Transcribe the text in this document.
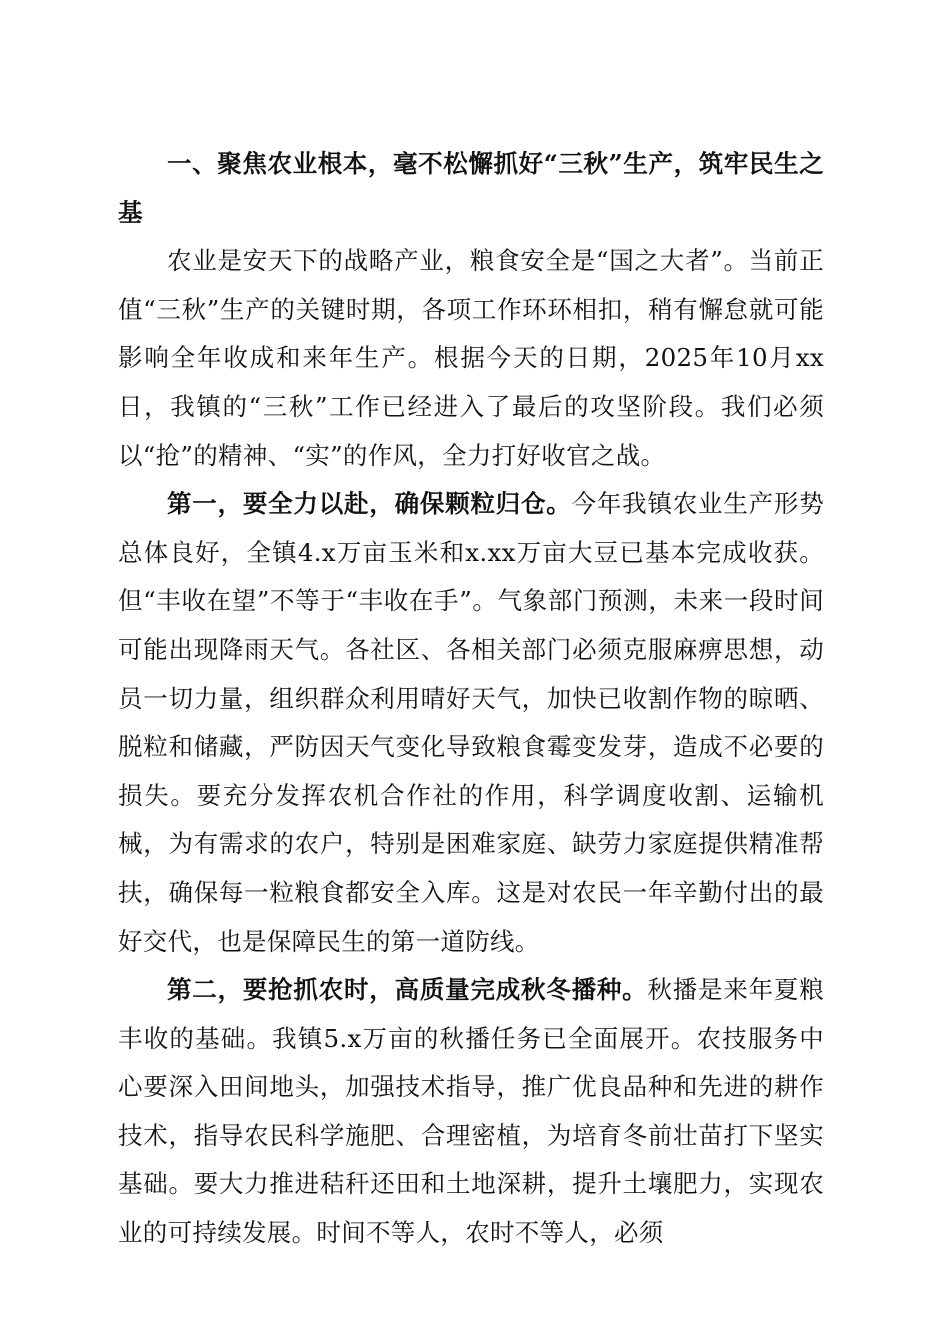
一、聚焦农业根本，毫不松懈抓好“三秋”生产，筑牢民生之基

农业是安天下的战略产业，粮食安全是“国之大者”。当前正值“三秋”生产的关键时期，各项工作环环相扣，稍有懈怠就可能影响全年收成和来年生产。根据今天的日期，2025年10月xx日，我镇的“三秋”工作已经进入了最后的攻坚阶段。我们必须以“抢”的精神、“实”的作风，全力打好收官之战。

第一，要全力以赴，确保颗粒归仓。今年我镇农业生产形势总体良好，全镇4.x万亩玉米和x.xx万亩大豆已基本完成收获。但“丰收在望”不等于“丰收在手”。气象部门预测，未来一段时间可能出现降雨天气。各社区、各相关部门必须克服麻痹思想，动员一切力量，组织群众利用晴好天气，加快已收割作物的晾晒、脱粒和储藏，严防因天气变化导致粮食霉变发芽，造成不必要的损失。要充分发挥农机合作社的作用，科学调度收割、运输机械，为有需求的农户，特别是困难家庭、缺劳力家庭提供精准帮扶，确保每一粒粮食都安全入库。这是对农民一年辛勤付出的最好交代，也是保障民生的第一道防线。

第二，要抢抓农时，高质量完成秋冬播种。秋播是来年夏粮丰收的基础。我镇5.x万亩的秋播任务已全面展开。农技服务中心要深入田间地头，加强技术指导，推广优良品种和先进的耕作技术，指导农民科学施肥、合理密植，为培育冬前壮苗打下坚实基础。要大力推进秸秆还田和土地深耕，提升土壤肥力，实现农业的可持续发展。时间不等人，农时不等人，必须
